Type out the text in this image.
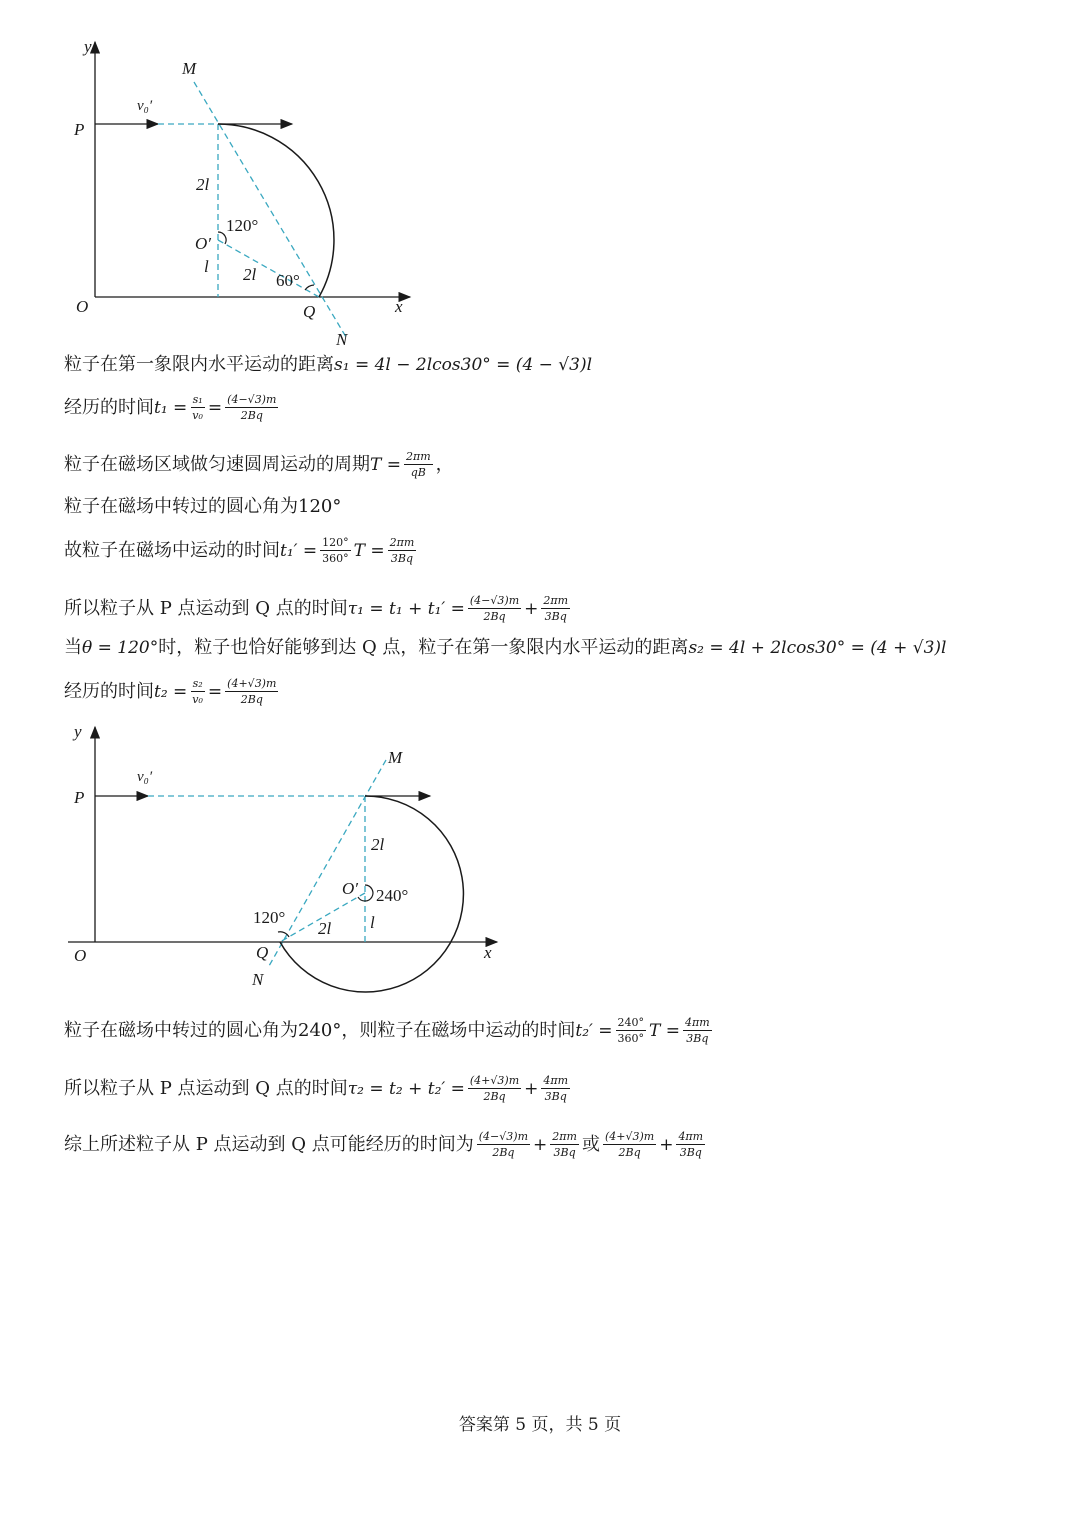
y
M
v₀′
P
2l
120°
O′
l 2l 60°
O	Q	x
N
粒子在第一象限内水平运动的距离 s₁ = 4l − 2lcos30° = (4 − √3)l
经历的时间 $t_1 = \frac{\text{s₁}}{\text{v₀}} = \frac{(4-√3)m}{2Bq}$
粒子在磁场区域做匀速圆周运动的周期 $T = \frac{2\pi m}{qB}$ ，
粒子在磁场中转过的圆心角为120°
故粒子在磁场中运动的时间 $t_1' = \frac{120^\circ}{360^\circ}$ $T = \frac{2\pi m}{3Bq}$
所以粒子从 P 点运动到 Q 点的时间 $\tau_1 = t_1 + t_1' = \frac{(4-√3)m}{2Bq} + \frac{2\pi m}{3Bq}$
当 θ = 120° 时，粒子也恰好能够到达 Q 点，粒子在第一象限内水平运动的距离 s₂ = 4l + 2lcos30° = (4 + √3)l
经历的时间 $t_2 = \frac{\text{s₂}}{\text{v₀}} = \frac{(4+√3)m}{2Bq}$
y
M
v₀′
P
2l
O′ 240°
120°
2l l
O	Q	x
N
粒子在磁场中转过的圆心角为240°，则粒子在磁场中运动的时间 $t_2' = \frac{240^\circ}{360^\circ}$ $T = \frac{4\pi m}{3Bq}$
所以粒子从 P 点运动到 Q 点的时间 $\tau_2 = t_2 + t_2' = \frac{(4+√3)m}{2Bq} + \frac{4\pi m}{3Bq}$
综上所述粒子从 P 点运动到 Q 点可能经历的时间为 $\frac{(4-√3)m}{2Bq} + \frac{2\pi m}{3Bq}$ 或 $\frac{(4+√3)m}{2Bq} + \frac{4\pi m}{3Bq}$
答案第 5 页，共 5 页
